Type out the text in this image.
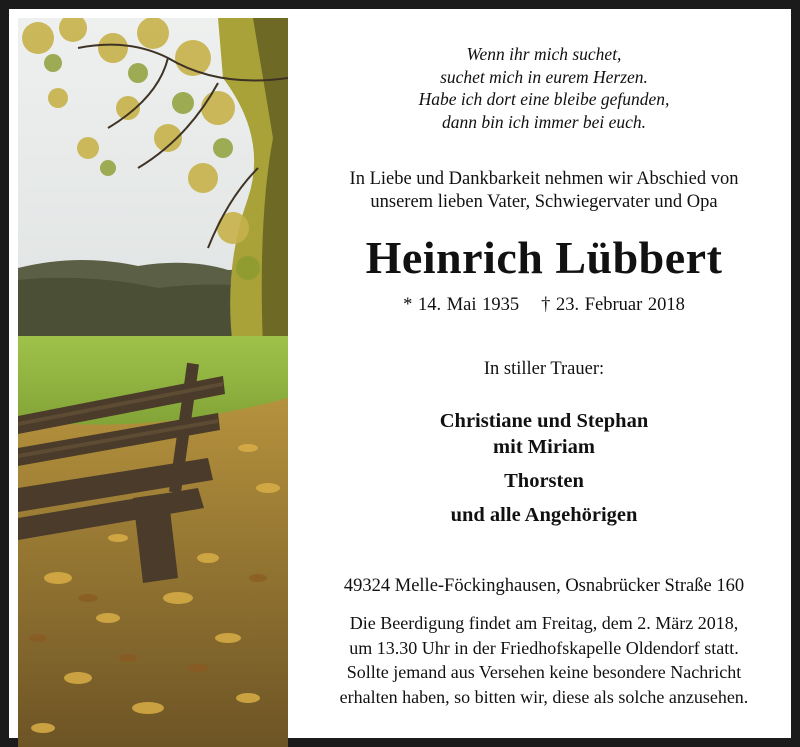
Wenn ihr mich suchet,
suchet mich in eurem Herzen.
Habe ich dort eine bleibe gefunden,
dann bin ich immer bei euch.
In Liebe und Dankbarkeit nehmen wir Abschied von
unserem lieben Vater, Schwiegervater und Opa
Heinrich Lübbert
* 14. Mai 1935 † 23. Februar 2018
In stiller Trauer:
Christiane und Stephan
mit Miriam
Thorsten
und alle Angehörigen
49324 Melle-Föckinghausen, Osnabrücker Straße 160
Die Beerdigung findet am Freitag, dem 2. März 2018,
um 13.30 Uhr in der Friedhofskapelle Oldendorf statt.
Sollte jemand aus Versehen keine besondere Nachricht
erhalten haben, so bitten wir, diese als solche anzusehen.
